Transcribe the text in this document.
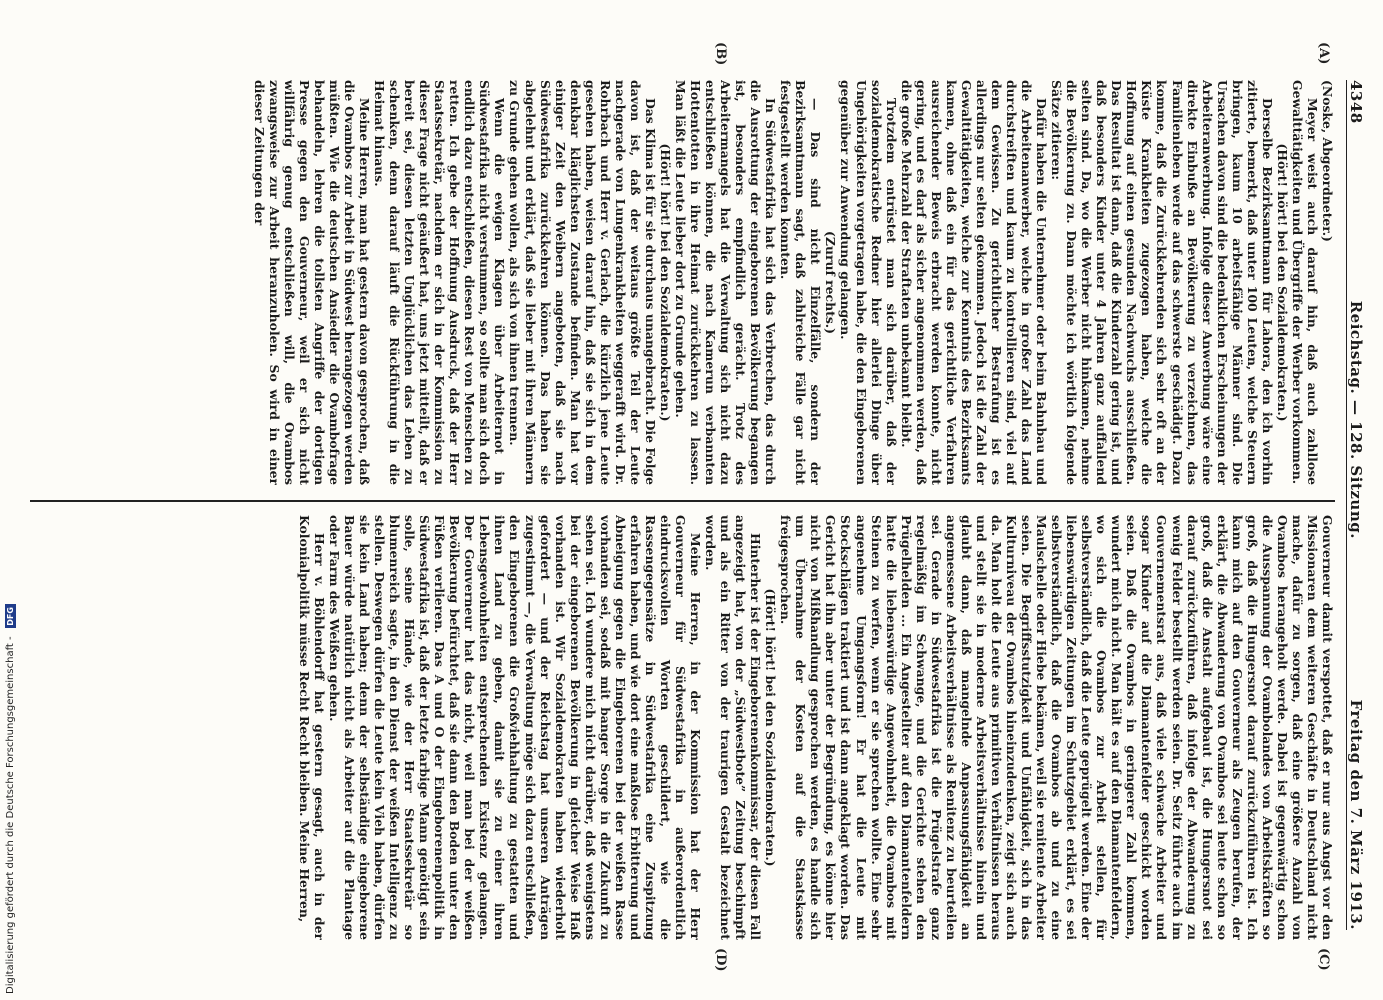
4348
Reichstag. — 128. Sitzung.
Freitag den 7. März 1913.
(A)
(B)
(C)
(D)

(Noske, Abgeordneter.)

Meyer weist auch darauf hin, daß auch zahllose Gewalttätigkeiten und Übergriffe der Werber vorkommen.

(Hört! hört! bei den Sozialdemokraten.)

Derselbe Bezirksamtmann für Lahora, den ich vorhin zitierte, bemerkt, daß unter 100 Leuten, welche Steuern bringen, kaum 10 arbeitsfähige Männer sind. Die Ursachen davon sind die bedenklichen Erscheinungen der Arbeiteranwerbung. Infolge dieser Anwerbung wäre eine direkte Einbuße an Bevölkerung zu verzeichnen, das Familienleben werde auf das schwerste geschädigt. Dazu komme, daß die Zurückkehrenden sich sehr oft an der Küste Krankheiten zugezogen haben, welche die Hoffnung auf einen gesunden Nachwuchs ausschließen. Das Resultat ist dann, daß die Kinderzahl gering ist, und daß besonders Kinder unter 4 Jahren ganz auffallend selten sind. Da, wo die Werber nicht hinkamen, nehme die Bevölkerung zu. Dann möchte ich wörtlich folgende Sätze zitieren:

Dafür haben die Unternehmer oder beim Bahnbau und die Arbeitenanwerber, welche in großer Zahl das Land durchstreiften und kaum zu kontrollieren sind, viel auf dem Gewissen. Zu gerichtlicher Bestrafung ist es allerdings nur selten gekommen. Jedoch ist die Zahl der Gewalttätigkeiten, welche zur Kenntnis des Bezirksamts kamen, ohne daß ein für das gerichtliche Verfahren ausreichender Beweis erbracht werden konnte, nicht gering, und es darf als sicher angenommen werden, daß die große Mehrzahl der Straftaten unbekannt bleibt.

Trotzdem entrüstet man sich darüber, daß der sozialdemokratische Redner hier allerlei Dinge über Ungehörigkeiten vorgetragen habe, die den Eingeborenen gegenüber zur Anwendung gelangen.

(Zuruf rechts.)

— Das sind nicht Einzelfälle, sondern der Bezirksamtmann sagt, daß zahlreiche Fälle gar nicht festgestellt werden konnten.

In Südwestafrika hat sich das Verbrechen, das durch die Ausrottung der eingeborenen Bevölkerung begangen ist, besonders empfindlich gerächt. Trotz des Arbeitermangels hat die Verwaltung sich nicht dazu entschließen können, die nach Kamerun verbannten Hottentotten in ihre Heimat zurückkehren zu lassen. Man läßt die Leute lieber dort zu Grunde gehen.

(Hört! hört! bei den Sozialdemokraten.)

Das Klima ist für sie durchaus unangebracht. Die Folge davon ist, daß der weitaus größte Teil der Leute nachgerade von Lungenkrankheiten weggerafft wird. Dr. Rohrbach und Herr v. Gerlach, die kürzlich jene Leute gesehen haben, weisen darauf hin, daß sie sich in dem denkbar kläglichsten Zustande befinden. Man hat vor einiger Zeit den Weibern angeboten, daß sie nach Südwestafrika zurückkehren können. Das haben sie abgelehnt und erklärt, daß sie lieber mit ihren Männern zu Grunde gehen wollen, als sich von ihnen trennen.

Wenn die ewigen Klagen über Arbeiternot in Südwestafrika nicht verstummen, so sollte man sich doch endlich dazu entschließen, diesen Rest von Menschen zu retten. Ich gebe der Hoffnung Ausdruck, daß der Herr Staatssekretär, nachdem er sich in der Kommission zu dieser Frage nicht geäußert hat, uns jetzt mitteilt, daß er bereit sei, diesen letzten Unglücklichen das Leben zu schenken, denn darauf läuft die Rückführung in die Heimat hinaus.

Meine Herren, man hat gestern davon gesprochen, daß die Ovambos zur Arbeit in Südwest herangezogen werden müßten. Wie die deutschen Ansiedler die Ovambofrage behandeln, lehren die tollsten Angriffe der dortigen Presse gegen den Gouverneur, weil er sich nicht willfährig genug entschließen will, die Ovambos zwangsweise zur Arbeit heranzuholen. So wird in einer dieser Zeitungen der

Gouverneur damit verspottet, daß er nur aus Angst vor den Missionaren dem weiteren Geschäfte in Deutschland nicht mache, dafür zu sorgen, daß eine größere Anzahl von Ovambos herangeholt werde. Dabei ist gegenwärtig schon die Ausspannung der Ovambolandes von Arbeitskräften so groß, daß die Hungersnot darauf zurückzuführen ist. Ich kann mich auf den Gouverneur als Zeugen berufen, der erklärt, die Abwanderung von Ovambos sei heute schon so groß, daß die Anstalt aufgebaut ist, die Hungersnot sei darauf zurückzuführen, daß infolge der Abwanderung zu wenig Felder bestellt werden seien. Dr. Seitz führte auch im Gouvernementsrat aus, daß viele schwache Arbeiter und sogar Kinder auf die Diamantenfelder geschickt worden seien. Daß die Ovambos in geringerer Zahl kommen, wundert mich nicht. Man hält es auf den Diamantenfeldern, wo sich die Ovambos zur Arbeit stellen, für selbstverständlich, daß die Leute geprügelt werden. Eine der liebenswürdigen Zeitungen im Schutzgebiet erklärt, es sei selbstverständlich, daß die Ovambos ab und zu eine Maulschelle oder Hiebe bekämen, weil sie renitente Arbeiter seien. Die Begriffsstutzigkeit und Unfähigkeit, sich in das Kulturniveau der Ovambos hineinzudenken, zeigt sich auch da. Man holt die Leute aus primitiven Verhältnissen heraus und stellt sie in moderne Arbeitsverhältnisse hinein und glaubt dann, daß mangelnde Anpassungsfähigkeit an angemessene Arbeitsverhältnisse als Renitenz zu beurteilen sei. Gerade in Südwestafrika ist die Prügelstrafe ganz regelmäßig im Schwange, und die Gerichte stehen den Prügelhelden ... Ein Angestellter auf den Diamantenfeldern hatte die liebenswürdige Angewohnheit, die Ovambos mit Steinen zu werfen, wenn er sie sprechen wollte. Eine sehr angenehme Umgangsform! Er hat die Leute mit Stockschlägen traktiert und ist dann angeklagt worden. Das Gericht hat ihn aber unter der Begründung, es könne hier nicht von Mißhandlung gesprochen werden, es handle sich um Übernahme der Kosten auf die Staatskasse freigesprochen.

(Hört! hört! bei den Sozialdemokraten.)

Hinterher ist der Eingeborenenkommissar, der diesen Fall angezeigt hat, von der „Südwestbote” Zeitung beschimpft und als ein Ritter von der traurigen Gestalt bezeichnet worden.

Meine Herren, in der Kommission hat der Herr Gouverneur für Südwestafrika in außerordentlich eindrucksvollen Worten geschildert, wie die Rassengegensätze in Südwestafrika eine Zuspitzung erfahren haben, und wie dort eine maßlose Erbitterung und Abneigung gegen die Eingeborenen bei der weißen Rasse vorhanden sei, sodaß mit banger Sorge in die Zukunft zu sehen sei. Ich wundere mich nicht darüber, daß wenigstens bei der eingeborenen Bevölkerung in gleicher Weise Haß vorhanden ist. Wir Sozialdemokraten haben wiederholt gefordert — und der Reichstag hat unseren Anträgen zugestimmt —, die Verwaltung möge sich dazu entschließen, den Eingeborenen die Großviehhaltung zu gestatten und ihnen Land zu geben, damit sie zu einer ihren Lebensgewohnheiten entsprechenden Existenz gelangen. Der Gouverneur hat das nicht, weil man bei der weißen Bevölkerung befürchtet, daß sie dann den Boden unter den Füßen verlieren. Das A und O der Eingeborenenpolitik in Südwestafrika ist, daß der letzte farbige Mann genötigt sein solle, seine Hände, wie der Herr Staatssekretär so blumenreich sagte, in den Dienst der weißen Intelligenz zu stellen. Deswegen dürfen die Leute kein Vieh haben, dürfen sie kein Land haben; denn der selbständige eingeborene Bauer würde natürlich nicht als Arbeiter auf die Plantage oder Farm des Weißen gehen.

Herr v. Böhlendorff hat gestern gesagt, auch in der Kolonialpolitik müsse Recht Recht bleiben. Meine Herren,

Digitalisierung gefördert durch die Deutsche Forschungsgemeinschaft -
DFG
